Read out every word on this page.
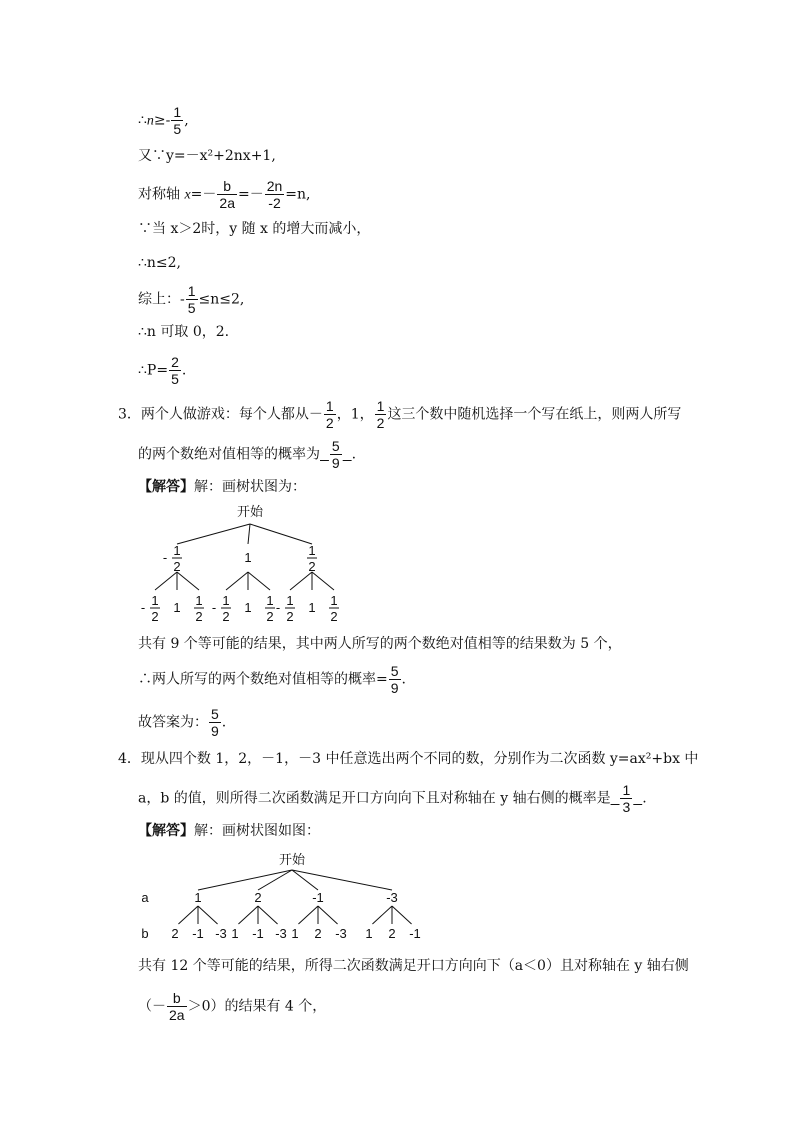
∴n≥- $\frac{1}{5}$ ,
又∵y=－x²+2nx+1,
对称轴 $x=- \frac{b}{2a} =- \frac{2n}{-2} =n$,
∵当 x＞2时，y 随 x 的增大而减小，
∴n≤2,
综上：- $\frac{1}{5} \le n\le 2$,
∴n 可取 0，2.
∴P= $\frac{2}{5}$ .
3．两个人做游戏：每个人都从－ $\frac{1}{2}$ ，1， $\frac{1}{2}$ 这三个数中随机选择一个写在纸上，则两人所写
的两个数绝对值相等的概率为 $\frac{5}{9}$ .
【解答】解：画树状图为：
开始
- 1
2
- 1
2
1 1
2
1
- 1
2
1 1
2
1
2
- 1
2
1 1
2
共有 9 个等可能的结果，其中两人所写的两个数绝对值相等的结果数为 5 个，
∴两人所写的两个数绝对值相等的概率= $\frac{5}{9}$ .
故答案为： $\frac{5}{9}$ .
4．现从四个数 1，2，－1，－3 中任意选出两个不同的数，分别作为二次函数 y=ax²+bx 中
a，b 的值，则所得二次函数满足开口方向向下且对称轴在 y 轴右侧的概率是 $\frac{1}{3}$ .
【解答】解：画树状图如图：
开始
a
b
1
2 -1 -3
2
1 -1 -3
-1
1 2 -3
-3
1 2 -1
共有 12 个等可能的结果，所得二次函数满足开口方向向下（a＜0）且对称轴在 y 轴右侧
（－ $\frac{b}{2a} >0$）的结果有 4 个，
